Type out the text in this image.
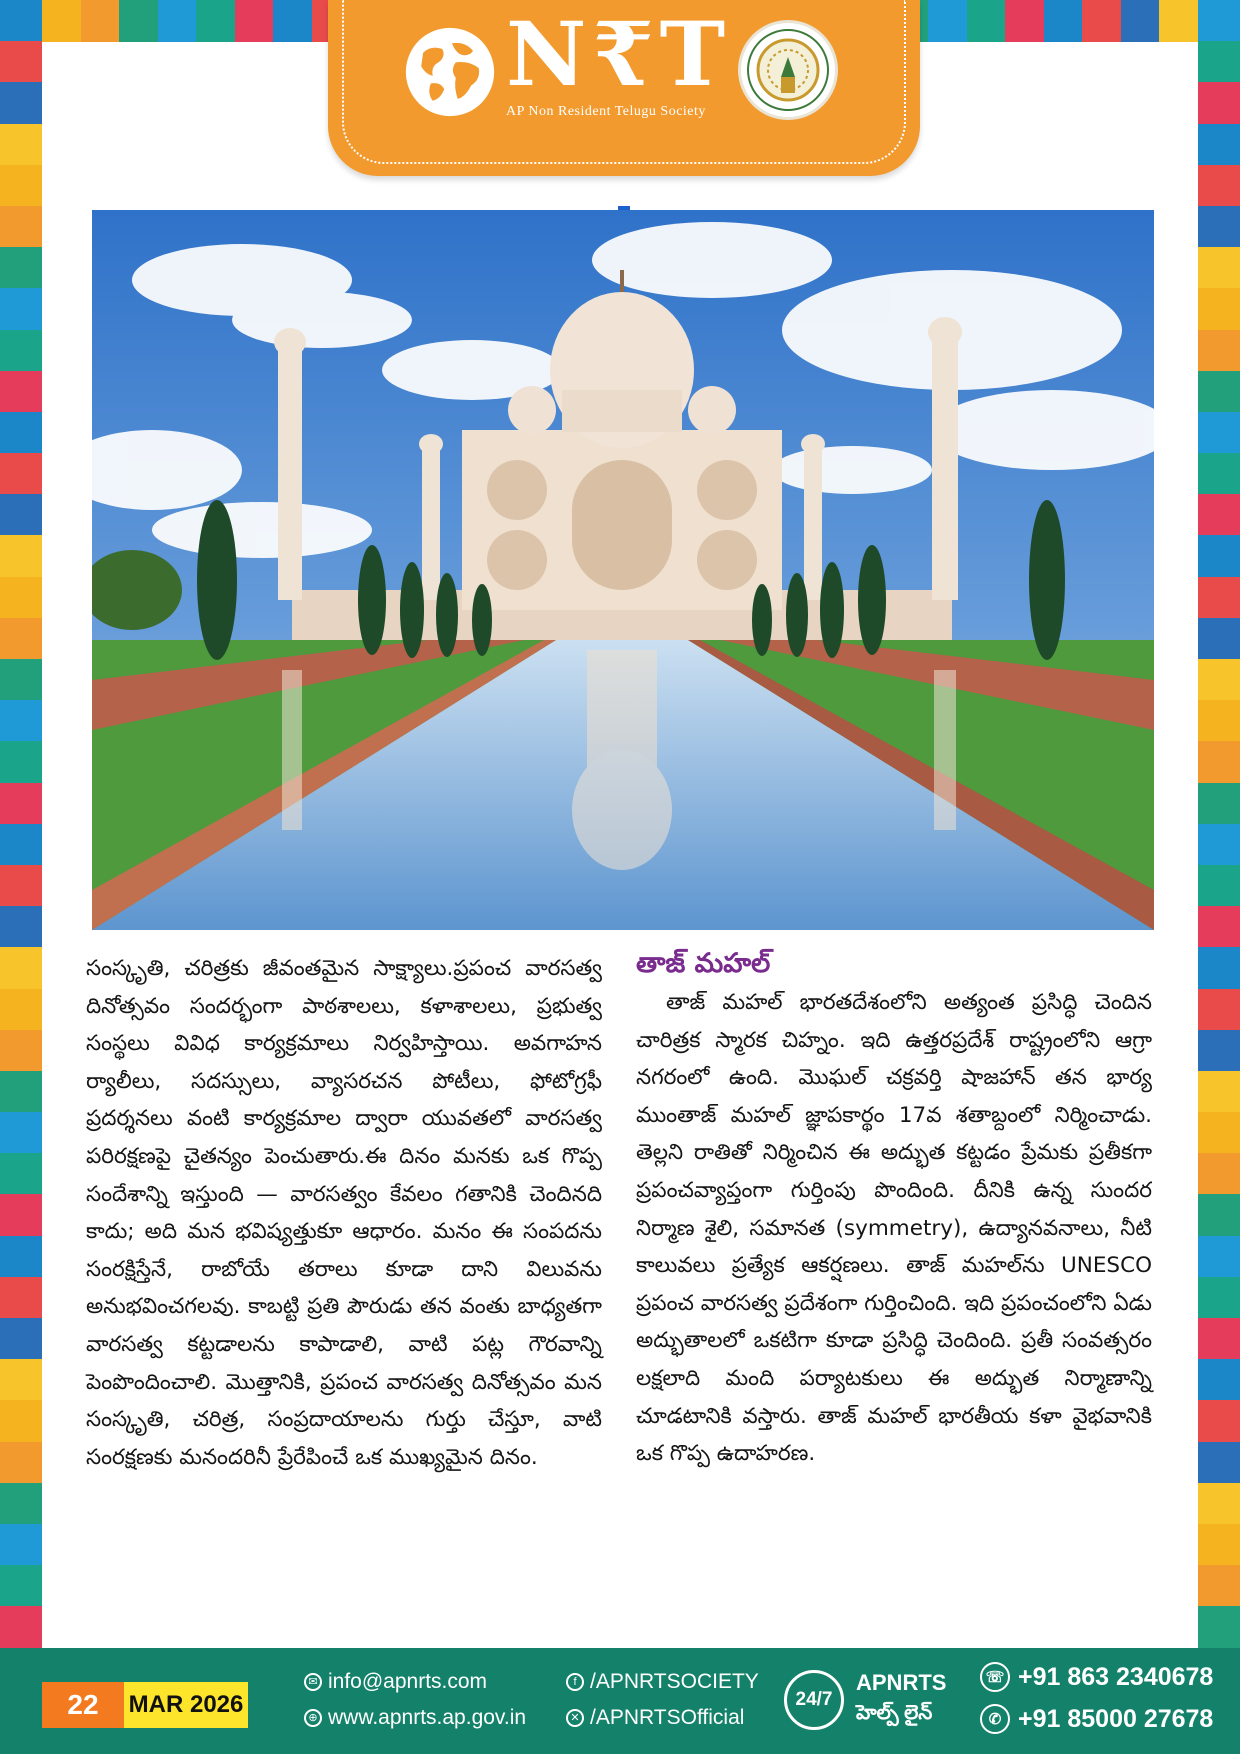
N₹T
AP Non Resident Telugu Society

సంస్కృతి, చరిత్రకు జీవంతమైన సాక్ష్యాలు.ప్రపంచ వారసత్వ దినోత్సవం సందర్భంగా పాఠశాలలు, కళాశాలలు, ప్రభుత్వ సంస్థలు వివిధ కార్యక్రమాలు నిర్వహిస్తాయి. అవగాహన ర్యాలీలు, సదస్సులు, వ్యాసరచన పోటీలు, ఫోటోగ్రఫీ ప్రదర్శనలు వంటి కార్యక్రమాల ద్వారా యువతలో వారసత్వ పరిరక్షణపై చైతన్యం పెంచుతారు.ఈ దినం మనకు ఒక గొప్ప సందేశాన్ని ఇస్తుంది — వారసత్వం కేవలం గతానికి చెందినది కాదు; అది మన భవిష్యత్తుకూ ఆధారం. మనం ఈ సంపదను సంరక్షిస్తేనే, రాబోయే తరాలు కూడా దాని విలువను అనుభవించగలవు. కాబట్టి ప్రతి పౌరుడు తన వంతు బాధ్యతగా వారసత్వ కట్టడాలను కాపాడాలి, వాటి పట్ల గౌరవాన్ని పెంపొందించాలి. మొత్తానికి, ప్రపంచ వారసత్వ దినోత్సవం మన సంస్కృతి, చరిత్ర, సంప్రదాయాలను గుర్తు చేస్తూ, వాటి సంరక్షణకు మనందరినీ ప్రేరేపించే ఒక ముఖ్యమైన దినం.

తాజ్ మహల్

తాజ్ మహల్ భారతదేశంలోని అత్యంత ప్రసిద్ధి చెందిన చారిత్రక స్మారక చిహ్నం. ఇది ఉత్తరప్రదేశ్ రాష్ట్రంలోని ఆగ్రా నగరంలో ఉంది. మొఘల్ చక్రవర్తి షాజహాన్ తన భార్య ముంతాజ్ మహల్ జ్ఞాపకార్థం 17వ శతాబ్దంలో నిర్మించాడు. తెల్లని రాతితో నిర్మించిన ఈ అద్భుత కట్టడం ప్రేమకు ప్రతీకగా ప్రపంచవ్యాప్తంగా గుర్తింపు పొందింది. దీనికి ఉన్న సుందర నిర్మాణ శైలి, సమానత (symmetry), ఉద్యానవనాలు, నీటి కాలువలు ప్రత్యేక ఆకర్షణలు. తాజ్ మహల్‌ను UNESCO ప్రపంచ వారసత్వ ప్రదేశంగా గుర్తించింది. ఇది ప్రపంచంలోని ఏడు అద్భుతాలలో ఒకటిగా కూడా ప్రసిద్ధి చెందింది. ప్రతీ సంవత్సరం లక్షలాది మంది పర్యాటకులు ఈ అద్భుత నిర్మాణాన్ని చూడటానికి వస్తారు. తాజ్ మహల్ భారతీయ కళా వైభవానికి ఒక గొప్ప ఉదాహరణ.

22	MAR 2026
✉ info@apnrts.com
⊕ www.apnrts.ap.gov.in
f /APNRTSOCIETY
✕ /APNRTSOfficial
24/7
APNRTS
హెల్ప్ లైన్
☏ +91 863 2340678
✆ +91 85000 27678
